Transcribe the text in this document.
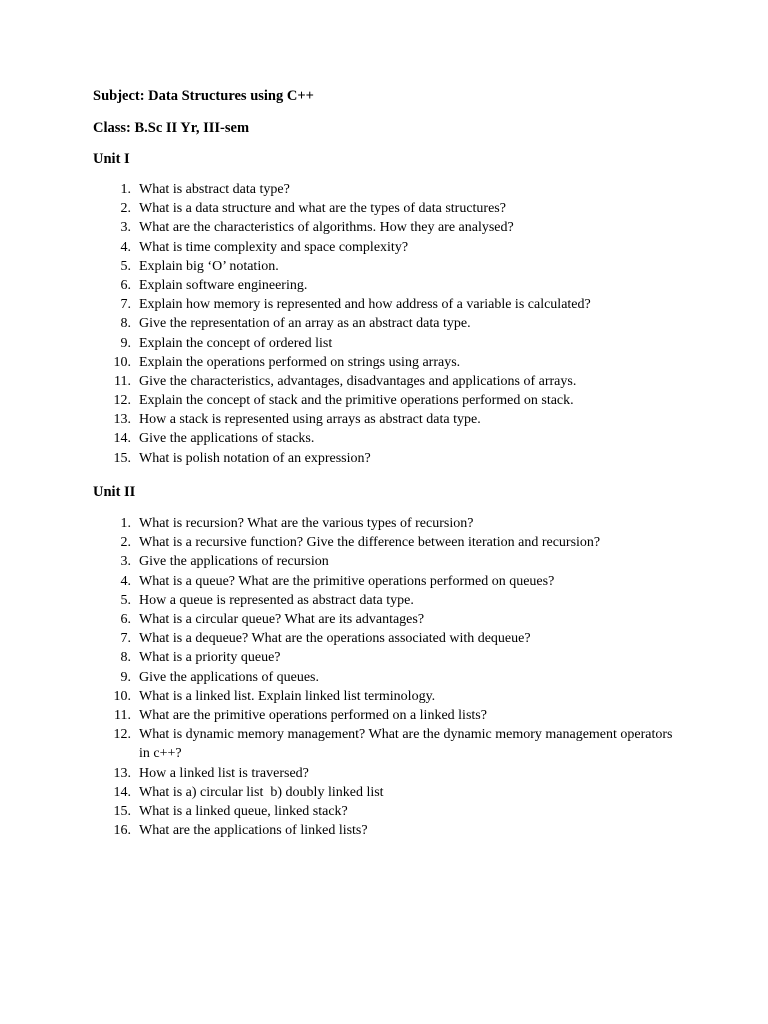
Subject: Data Structures using C++
Class: B.Sc II Yr, III-sem
Unit I
1. What is abstract data type?
2. What is a data structure and what are the types of data structures?
3. What are the characteristics of algorithms. How they are analysed?
4. What is time complexity and space complexity?
5. Explain big ‘O’ notation.
6. Explain software engineering.
7. Explain how memory is represented and how address of a variable is calculated?
8. Give the representation of an array as an abstract data type.
9. Explain the concept of ordered list
10. Explain the operations performed on strings using arrays.
11. Give the characteristics, advantages, disadvantages and applications of arrays.
12. Explain the concept of stack and the primitive operations performed on stack.
13. How a stack is represented using arrays as abstract data type.
14. Give the applications of stacks.
15. What is polish notation of an expression?
Unit II
1. What is recursion? What are the various types of recursion?
2. What is a recursive function? Give the difference between iteration and recursion?
3. Give the applications of recursion
4. What is a queue? What are the primitive operations performed on queues?
5. How a queue is represented as abstract data type.
6. What is a circular queue? What are its advantages?
7. What is a dequeue? What are the operations associated with dequeue?
8. What is a priority queue?
9. Give the applications of queues.
10. What is a linked list. Explain linked list terminology.
11. What are the primitive operations performed on a linked lists?
12. What is dynamic memory management? What are the dynamic memory management operators in c++?
13. How a linked list is traversed?
14. What is a) circular list  b) doubly linked list
15. What is a linked queue, linked stack?
16. What are the applications of linked lists?
